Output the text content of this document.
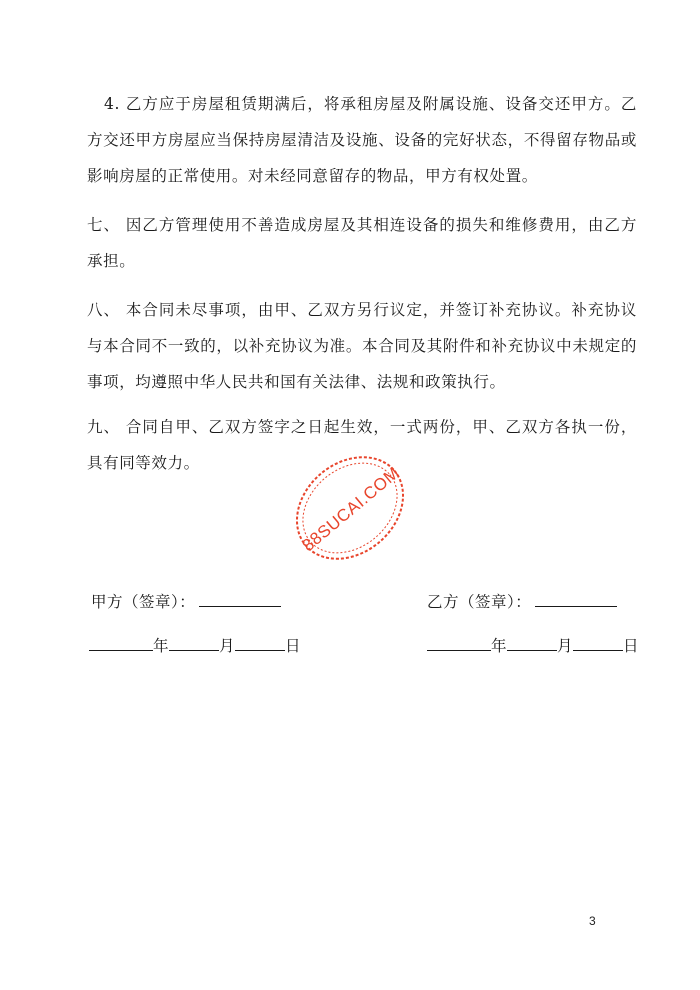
4. 乙方应于房屋租赁期满后，将承租房屋及附属设施、设备交还甲方。乙方交还甲方房屋应当保持房屋清洁及设施、设备的完好状态，不得留存物品或影响房屋的正常使用。对未经同意留存的物品，甲方有权处置。
七、 因乙方管理使用不善造成房屋及其相连设备的损失和维修费用，由乙方承担。
八、 本合同未尽事项，由甲、乙双方另行议定，并签订补充协议。补充协议与本合同不一致的，以补充协议为准。本合同及其附件和补充协议中未规定的事项，均遵照中华人民共和国有关法律、法规和政策执行。
九、 合同自甲、乙双方签字之日起生效，一式两份，甲、乙双方各执一份，具有同等效力。
88SUCAI.COM
甲方（签章）：	乙方（签章）：
年	月	日	年	月	日
3
